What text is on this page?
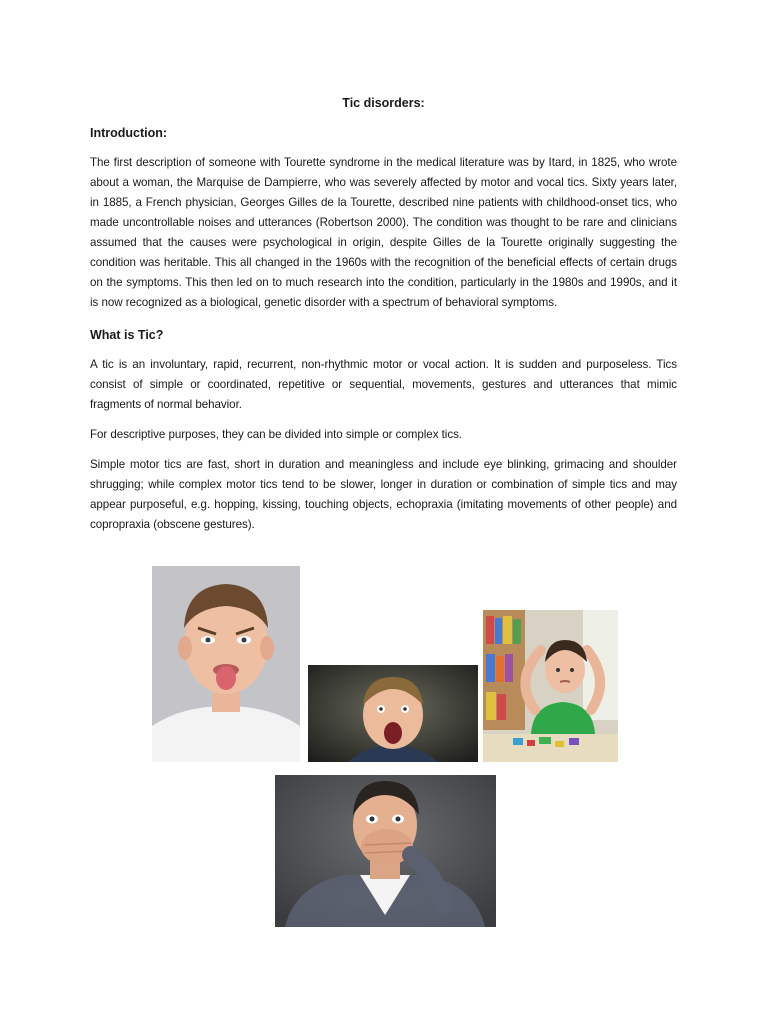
Tic disorders:
Introduction:

The first description of someone with Tourette syndrome in the medical literature was by Itard, in 1825, who wrote about a woman, the Marquise de Dampierre, who was severely affected by motor and vocal tics. Sixty years later, in 1885, a French physician, Georges Gilles de la Tourette, described nine patients with childhood-onset tics, who made uncontrollable noises and utterances (Robertson 2000). The condition was thought to be rare and clinicians assumed that the causes were psychological in origin, despite Gilles de la Tourette originally suggesting the condition was heritable. This all changed in the 1960s with the recognition of the beneficial effects of certain drugs on the symptoms. This then led on to much research into the condition, particularly in the 1980s and 1990s, and it is now recognized as a biological, genetic disorder with a spectrum of behavioral symptoms.

What is Tic?

A tic is an involuntary, rapid, recurrent, non-rhythmic motor or vocal action. It is sudden and purposeless. Tics consist of simple or coordinated, repetitive or sequential, movements, gestures and utterances that mimic fragments of normal behavior.

For descriptive purposes, they can be divided into simple or complex tics.

Simple motor tics are fast, short in duration and meaningless and include eye blinking, grimacing and shoulder shrugging; while complex motor tics tend to be slower, longer in duration or combination of simple tics and may appear purposeful, e.g. hopping, kissing, touching objects, echopraxia (imitating movements of other people) and copropraxia (obscene gestures).
